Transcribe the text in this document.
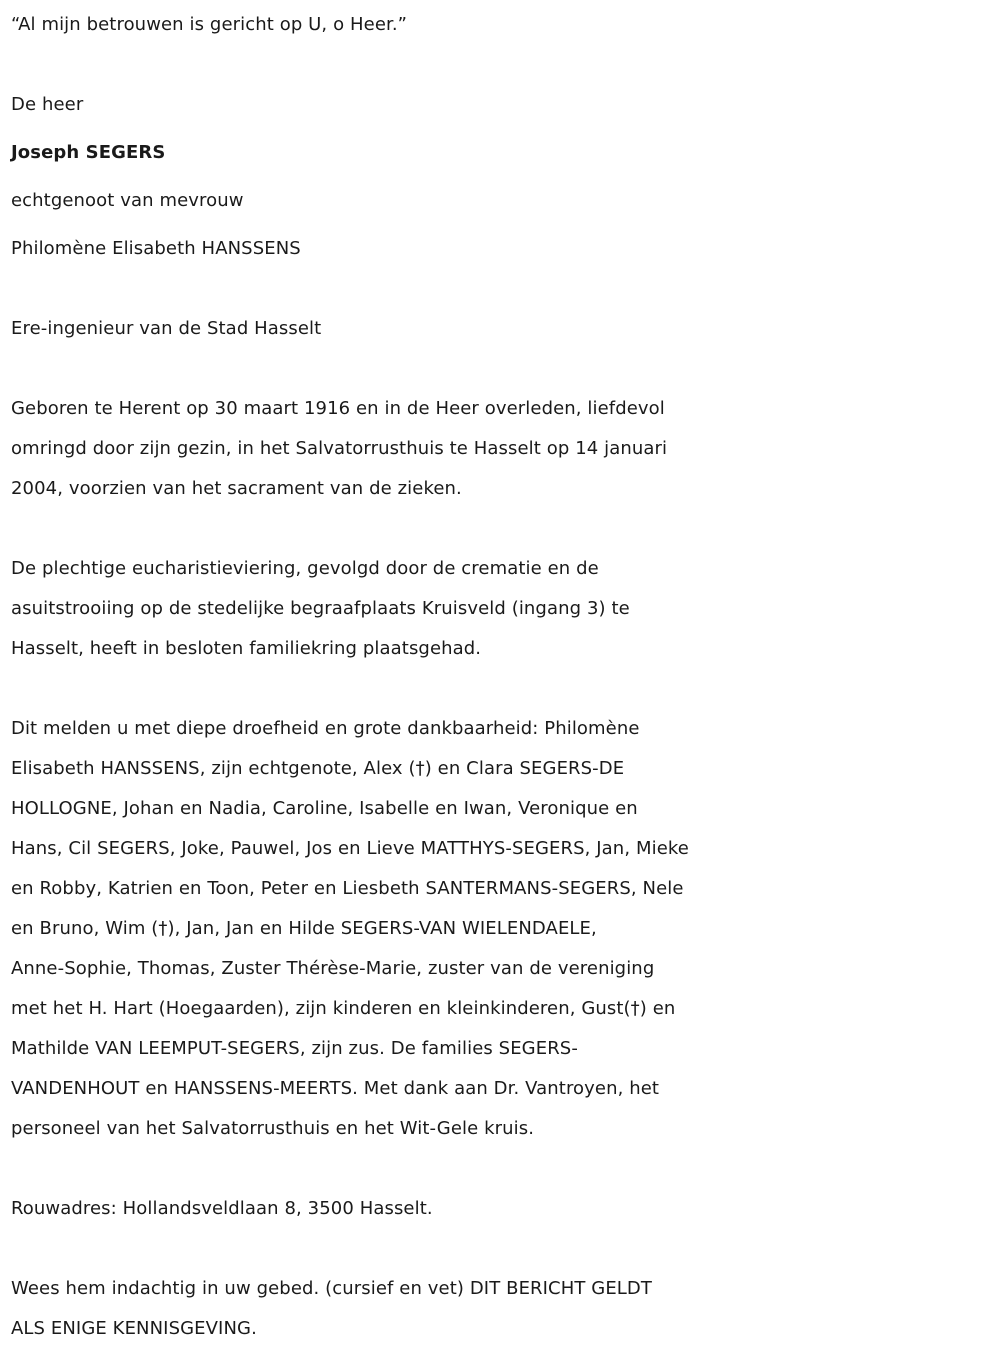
“Al mijn betrouwen is gericht op U, o Heer.”
De heer
Joseph SEGERS
echtgenoot van mevrouw
Philomène Elisabeth HANSSENS
Ere-ingenieur van de Stad Hasselt
Geboren te Herent op 30 maart 1916 en in de Heer overleden, liefdevol
omringd door zijn gezin, in het Salvatorrusthuis te Hasselt op 14 januari
2004, voorzien van het sacrament van de zieken.
De plechtige eucharistieviering, gevolgd door de crematie en de
asuitstrooiing op de stedelijke begraafplaats Kruisveld (ingang 3) te
Hasselt, heeft in besloten familiekring plaatsgehad.
Dit melden u met diepe droefheid en grote dankbaarheid: Philomène
Elisabeth HANSSENS, zijn echtgenote, Alex (†) en Clara SEGERS-DE
HOLLOGNE, Johan en Nadia, Caroline, Isabelle en Iwan, Veronique en
Hans, Cil SEGERS, Joke, Pauwel, Jos en Lieve MATTHYS-SEGERS, Jan, Mieke
en Robby, Katrien en Toon, Peter en Liesbeth SANTERMANS-SEGERS, Nele
en Bruno, Wim (†), Jan, Jan en Hilde SEGERS-VAN WIELENDAELE,
Anne-Sophie, Thomas, Zuster Thérèse-Marie, zuster van de vereniging
met het H. Hart (Hoegaarden), zijn kinderen en kleinkinderen, Gust(†) en
Mathilde VAN LEEMPUT-SEGERS, zijn zus. De families SEGERS-
VANDENHOUT en HANSSENS-MEERTS. Met dank aan Dr. Vantroyen, het
personeel van het Salvatorrusthuis en het Wit-Gele kruis.
Rouwadres: Hollandsveldlaan 8, 3500 Hasselt.
Wees hem indachtig in uw gebed. (cursief en vet) DIT BERICHT GELDT
ALS ENIGE KENNISGEVING.
